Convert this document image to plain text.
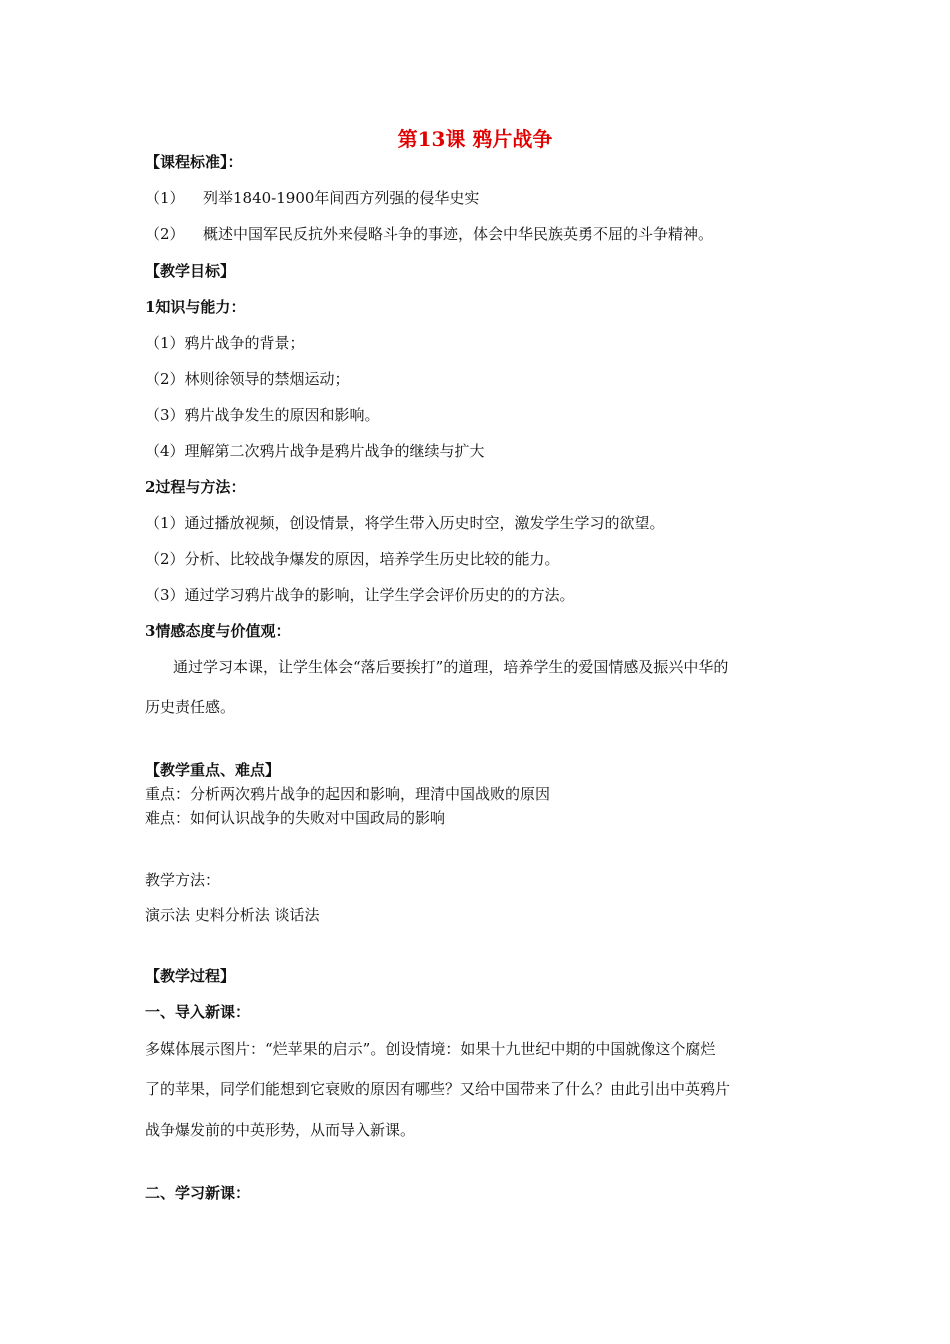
第13课 鸦片战争
【课程标准】：
（1） 列举1840-1900年间西方列强的侵华史实
（2） 概述中国军民反抗外来侵略斗争的事迹，体会中华民族英勇不屈的斗争精神。
【教学目标】
1知识与能力：
（1）鸦片战争的背景；
（2）林则徐领导的禁烟运动；
（3）鸦片战争发生的原因和影响。
（4）理解第二次鸦片战争是鸦片战争的继续与扩大
2过程与方法：
（1）通过播放视频，创设情景，将学生带入历史时空，激发学生学习的欲望。
（2）分析、比较战争爆发的原因，培养学生历史比较的能力。
（3）通过学习鸦片战争的影响，让学生学会评价历史的的方法。
3情感态度与价值观：
通过学习本课，让学生体会“落后要挨打”的道理，培养学生的爱国情感及振兴中华的
历史责任感。
【教学重点、难点】
重点：分析两次鸦片战争的起因和影响，理清中国战败的原因
难点：如何认识战争的失败对中国政局的影响
教学方法：
演示法 史料分析法 谈话法
【教学过程】
一、导入新课：
多媒体展示图片：“烂苹果的启示”。创设情境：如果十九世纪中期的中国就像这个腐烂
了的苹果，同学们能想到它衰败的原因有哪些？又给中国带来了什么？由此引出中英鸦片
战争爆发前的中英形势，从而导入新课。
二、学习新课：
